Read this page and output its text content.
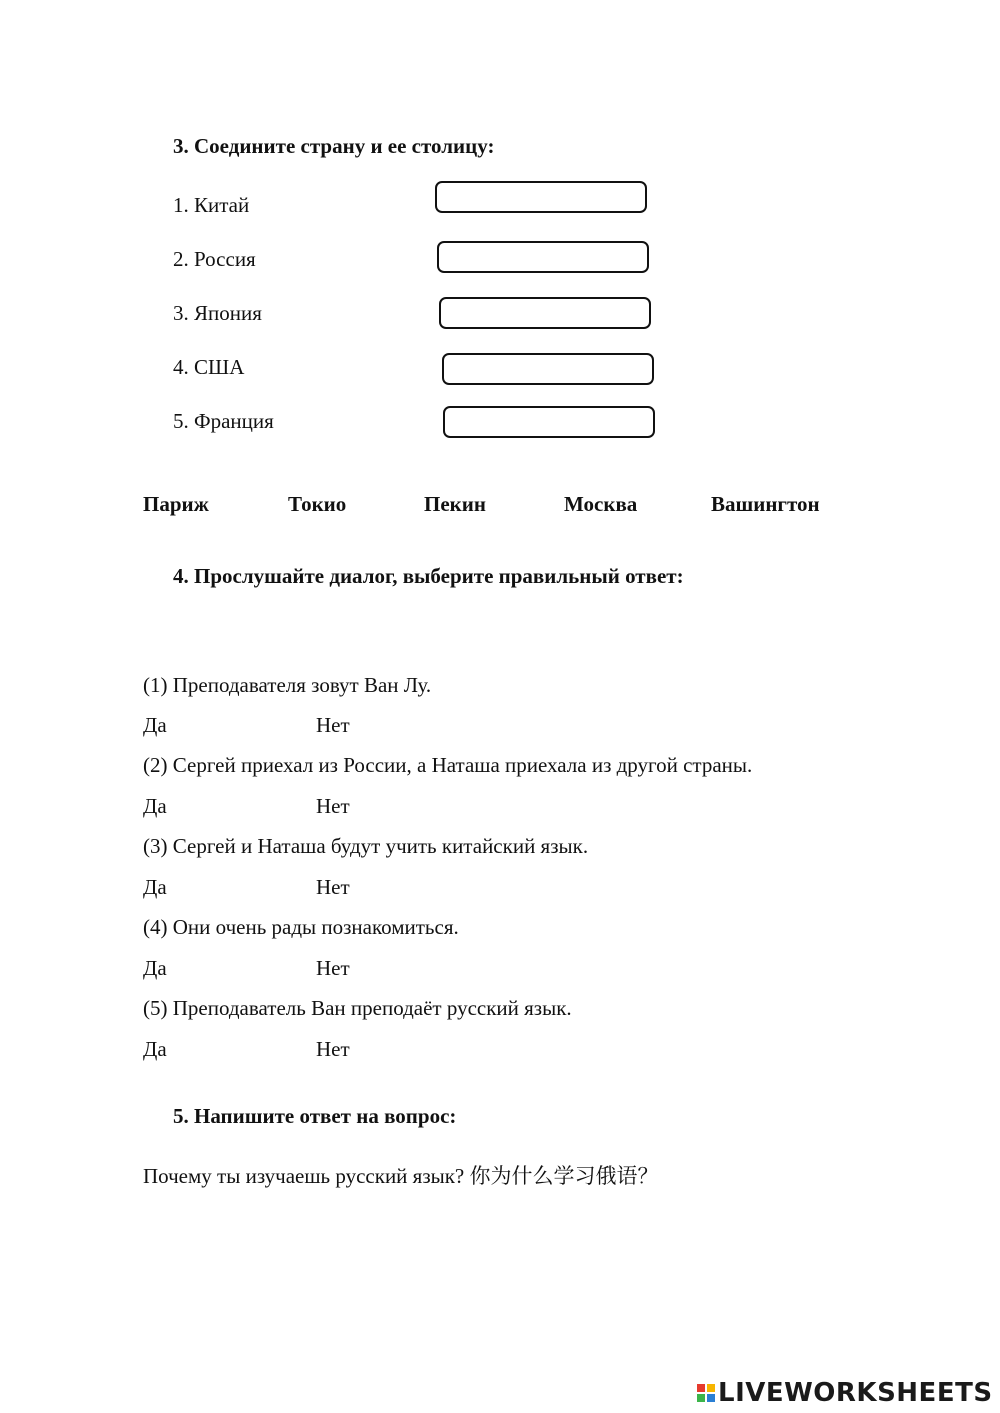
3. Соедините страну и ее столицу:
1. Китай
2. Россия
3. Япония
4. США
5. Франция
Париж	Токио	Пекин	Москва	Вашингтон
4. Прослушайте диалог, выберите правильный ответ:
(1) Преподавателя зовут Ван Лу.
Да	Нет
(2) Сергей приехал из России, а Наташа приехала из другой страны.
Да	Нет
(3) Сергей и Наташа будут учить китайский язык.
Да	Нет
(4) Они очень рады познакомиться.
Да	Нет
(5) Преподаватель Ван преподаёт русский язык.
Да	Нет
5. Напишите ответ на вопрос:
Почему ты изучаешь русский язык? 你为什么学习俄语？
LIVEWORKSHEETS
